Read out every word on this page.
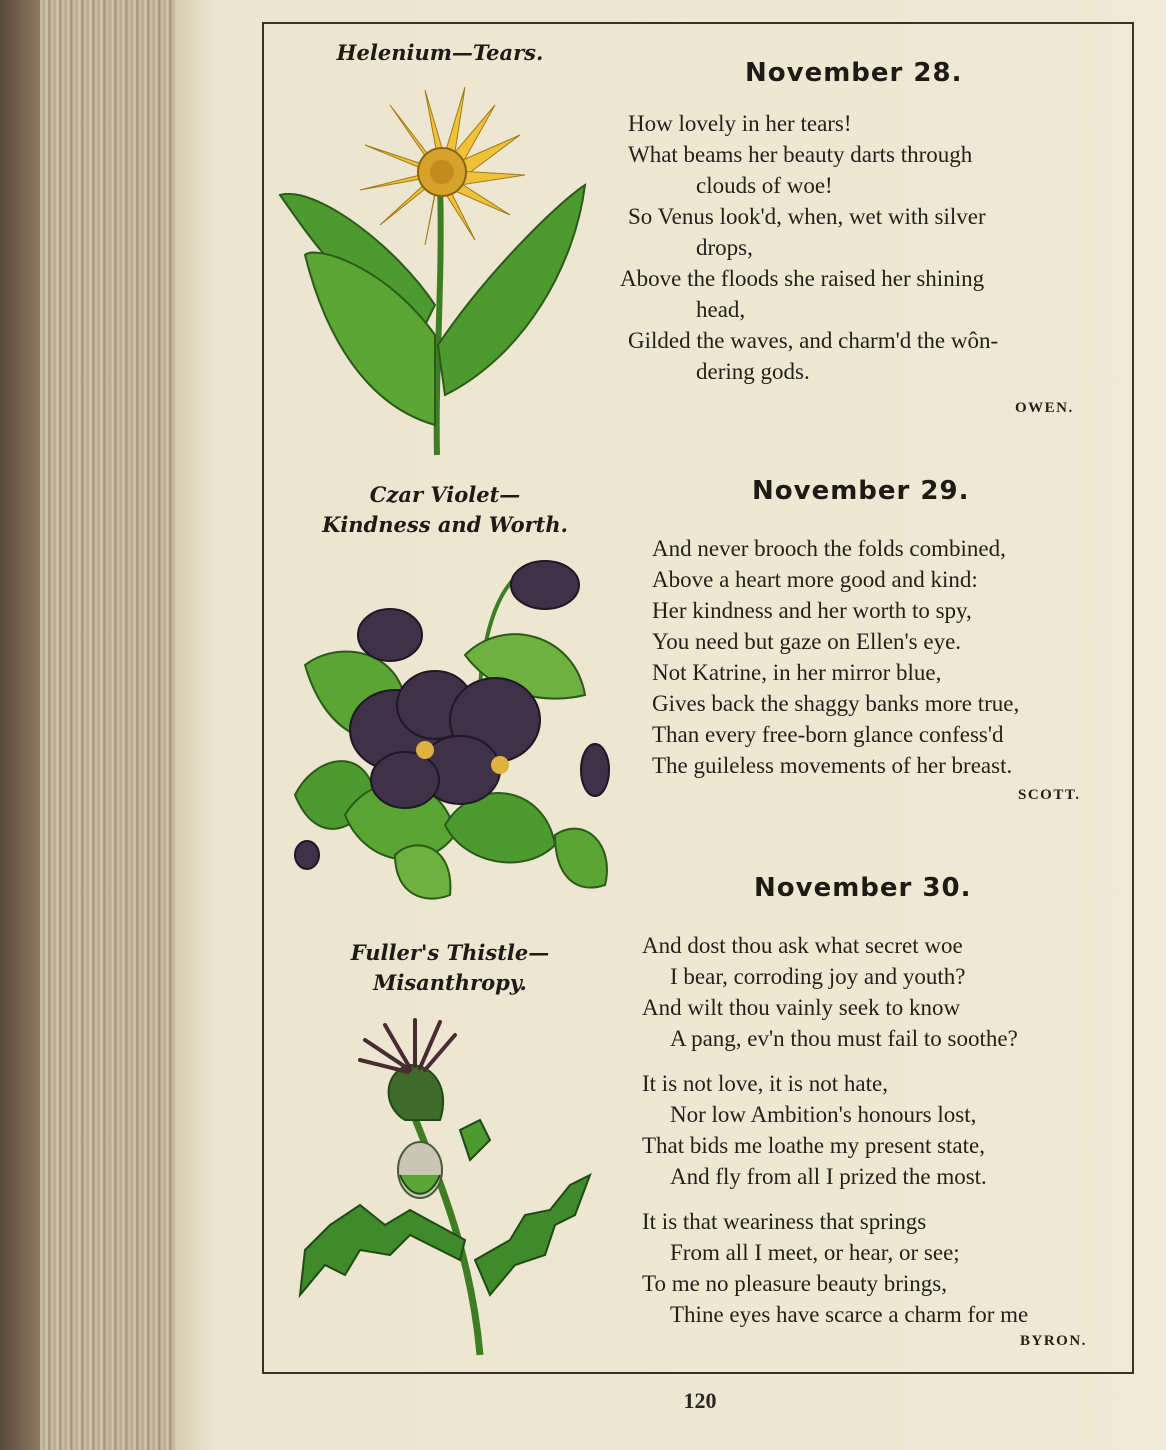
Helenium—Tears.
November 28.
How lovely in her tears!
What beams her beauty darts through
clouds of woe!
So Venus look'd, when, wet with silver
drops,
Above the floods she raised her shining
head,
Gilded the waves, and charm'd the wôn-
dering gods.
OWEN.
Czar Violet—
Kindness and Worth.
November 29.
And never brooch the folds combined,
Above a heart more good and kind:
Her kindness and her worth to spy,
You need but gaze on Ellen's eye.
Not Katrine, in her mirror blue,
Gives back the shaggy banks more true,
Than every free-born glance confess'd
The guileless movements of her breast.
SCOTT.
Fuller's Thistle—
Misanthropy.
November 30.
And dost thou ask what secret woe
I bear, corroding joy and youth?
And wilt thou vainly seek to know
A pang, ev'n thou must fail to soothe?
It is not love, it is not hate,
Nor low Ambition's honours lost,
That bids me loathe my present state,
And fly from all I prized the most.
It is that weariness that springs
From all I meet, or hear, or see;
To me no pleasure beauty brings,
Thine eyes have scarce a charm for me
BYRON.
120
